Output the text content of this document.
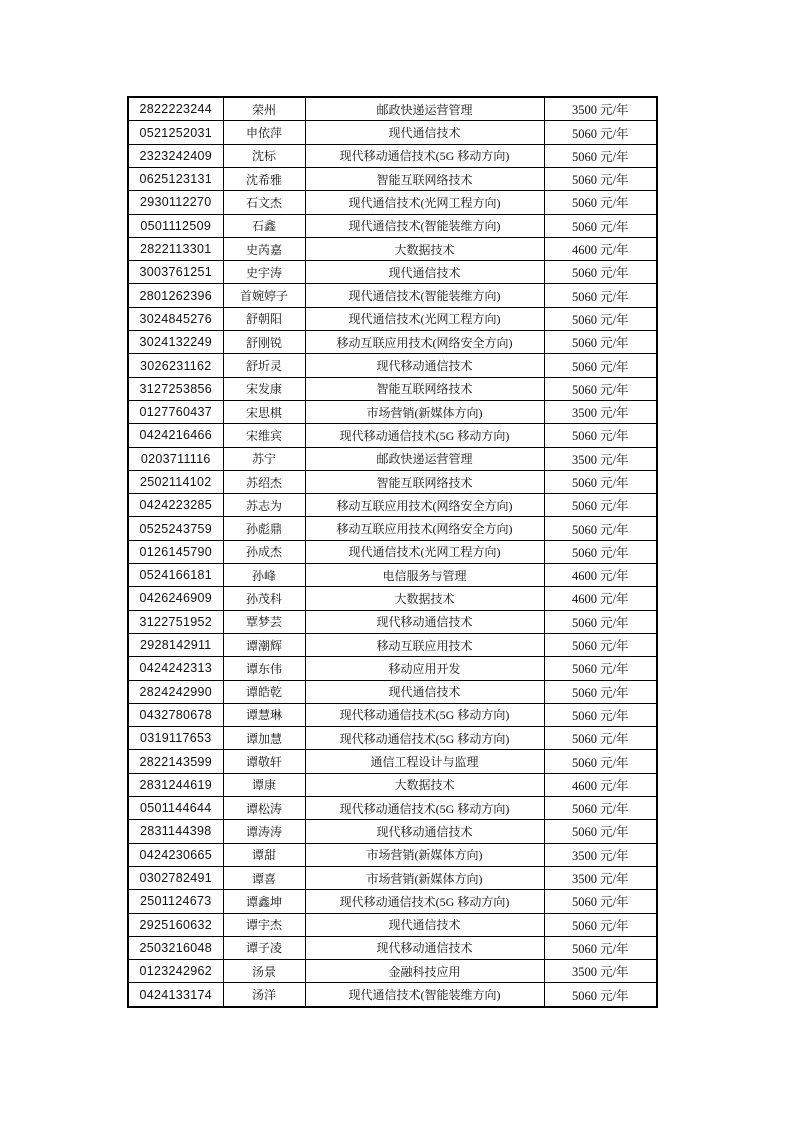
2822223244	荣州	邮政快递运营管理	3500 元/年
0521252031	申依萍	现代通信技术	5060 元/年
2323242409	沈标	现代移动通信技术(5G 移动方向)	5060 元/年
0625123131	沈希雅	智能互联网络技术	5060 元/年
2930112270	石文杰	现代通信技术(光网工程方向)	5060 元/年
0501112509	石鑫	现代通信技术(智能装维方向)	5060 元/年
2822113301	史芮嘉	大数据技术	4600 元/年
3003761251	史宇涛	现代通信技术	5060 元/年
2801262396	首婉婷子	现代通信技术(智能装维方向)	5060 元/年
3024845276	舒朝阳	现代通信技术(光网工程方向)	5060 元/年
3024132249	舒刚锐	移动互联应用技术(网络安全方向)	5060 元/年
3026231162	舒圻灵	现代移动通信技术	5060 元/年
3127253856	宋发康	智能互联网络技术	5060 元/年
0127760437	宋思棋	市场营销(新媒体方向)	3500 元/年
0424216466	宋维宾	现代移动通信技术(5G 移动方向)	5060 元/年
0203711116	苏宁	邮政快递运营管理	3500 元/年
2502114102	苏绍杰	智能互联网络技术	5060 元/年
0424223285	苏志为	移动互联应用技术(网络安全方向)	5060 元/年
0525243759	孙彪鼎	移动互联应用技术(网络安全方向)	5060 元/年
0126145790	孙成杰	现代通信技术(光网工程方向)	5060 元/年
0524166181	孙峰	电信服务与管理	4600 元/年
0426246909	孙茂科	大数据技术	4600 元/年
3122751952	覃梦芸	现代移动通信技术	5060 元/年
2928142911	谭潮辉	移动互联应用技术	5060 元/年
0424242313	谭东伟	移动应用开发	5060 元/年
2824242990	谭皓乾	现代通信技术	5060 元/年
0432780678	谭慧琳	现代移动通信技术(5G 移动方向)	5060 元/年
0319117653	谭加慧	现代移动通信技术(5G 移动方向)	5060 元/年
2822143599	谭敬轩	通信工程设计与监理	5060 元/年
2831244619	谭康	大数据技术	4600 元/年
0501144644	谭松涛	现代移动通信技术(5G 移动方向)	5060 元/年
2831144398	谭涛涛	现代移动通信技术	5060 元/年
0424230665	谭甜	市场营销(新媒体方向)	3500 元/年
0302782491	谭喜	市场营销(新媒体方向)	3500 元/年
2501124673	谭鑫坤	现代移动通信技术(5G 移动方向)	5060 元/年
2925160632	谭宇杰	现代通信技术	5060 元/年
2503216048	谭子凌	现代移动通信技术	5060 元/年
0123242962	汤景	金融科技应用	3500 元/年
0424133174	汤洋	现代通信技术(智能装维方向)	5060 元/年
